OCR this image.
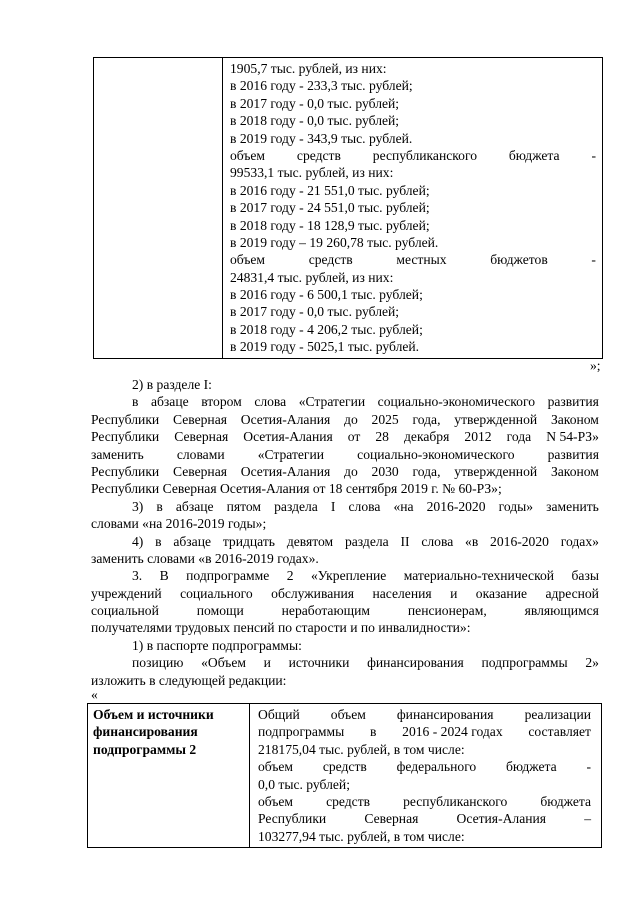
1905,7 тыс. рублей, из них:
в 2016 году - 233,3 тыс. рублей;
в 2017 году - 0,0 тыс. рублей;
в 2018 году - 0,0 тыс. рублей;
в 2019 году - 343,9 тыс. рублей.
объем средств республиканского бюджета -
99533,1 тыс. рублей, из них:
в 2016 году - 21 551,0 тыс. рублей;
в 2017 году - 24 551,0 тыс. рублей;
в 2018 году - 18 128,9 тыс. рублей;
в 2019 году – 19 260,78 тыс. рублей.
объем	средств	местных	бюджетов	-
24831,4 тыс. рублей, из них:
в 2016 году - 6 500,1 тыс. рублей;
в 2017 году - 0,0 тыс. рублей;
в 2018 году - 4 206,2 тыс. рублей;
в 2019 году - 5025,1 тыс. рублей.
»;
2) в разделе I:
в абзаце втором слова «Стратегии социально-экономического развития
Республики Северная Осетия-Алания до 2025 года, утвержденной Законом
Республики Северная Осетия-Алания от 28 декабря 2012 года N 54-РЗ»
заменить словами «Стратегии социально-экономического развития
Республики Северная Осетия-Алания до 2030 года, утвержденной Законом
Республики Северная Осетия-Алания от 18 сентября 2019 г. № 60-РЗ»;
3) в абзаце пятом раздела I слова «на 2016-2020 годы» заменить
словами «на 2016-2019 годы»;
4) в абзаце тридцать девятом раздела II слова «в 2016-2020 годах»
заменить словами «в 2016-2019 годах».
3. В подпрограмме 2 «Укрепление материально-технической базы
учреждений социального обслуживания населения и оказание адресной
социальной	помощи	неработающим	пенсионерам,	являющимся
получателями трудовых пенсий по старости и по инвалидности»:
1) в паспорте подпрограммы:
позицию «Объем и источники финансирования подпрограммы 2»
изложить в следующей редакции:
«
Объем и источники
финансирования
подпрограммы 2

Общий объем финансирования реализации
подпрограммы в 2016 - 2024 годах составляет
218175,04 тыс. рублей, в том числе:
объем средств федерального бюджета -
0,0 тыс. рублей;
объем средств республиканского бюджета
Республики	Северная	Осетия-Алания	–
103277,94 тыс. рублей, в том числе:
